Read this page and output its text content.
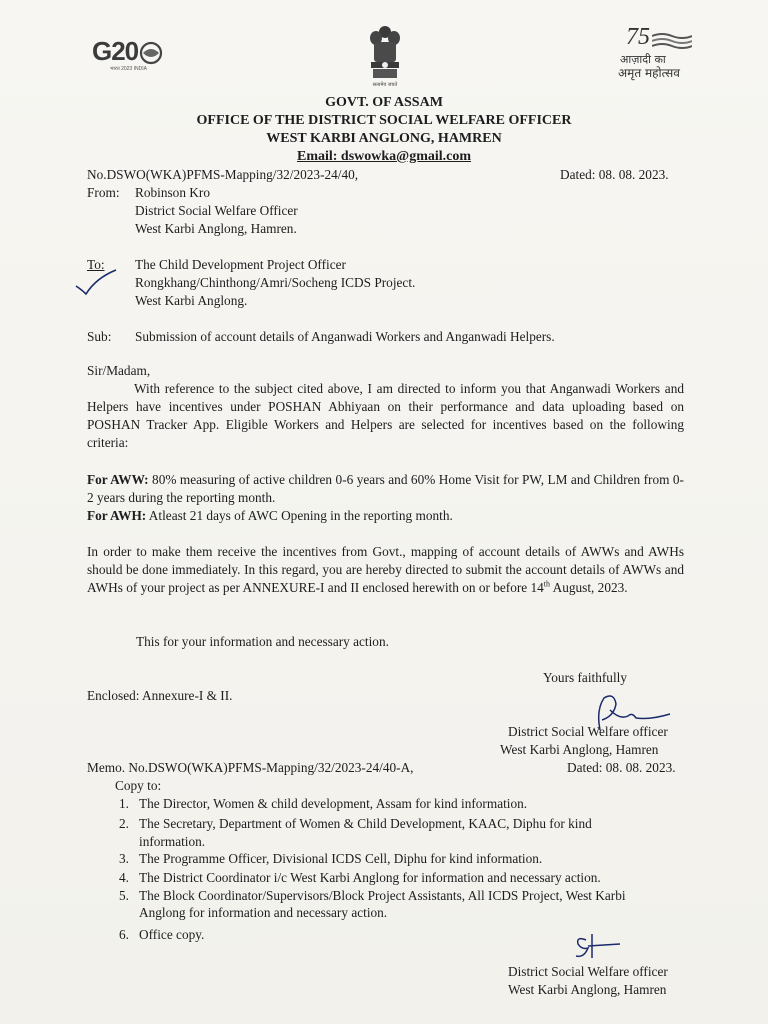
G20
भारत 2023 INDIA
सत्यमेव जयते
75
आज़ादी का
अमृत महोत्सव
GOVT. OF ASSAM
OFFICE OF THE DISTRICT SOCIAL WELFARE OFFICER
WEST KARBI ANGLONG, HAMREN
Email: dswowka@gmail.com
No.DSWO(WKA)PFMS-Mapping/32/2023-24/40,	Dated: 08. 08. 2023.
From: Robinson Kro
District Social Welfare Officer
West Karbi Anglong, Hamren.
To: The Child Development Project Officer
Rongkhang/Chinthong/Amri/Socheng ICDS Project.
West Karbi Anglong.
Sub: Submission of account details of Anganwadi Workers and Anganwadi Helpers.
Sir/Madam,
With reference to the subject cited above, I am directed to inform you that Anganwadi Workers and Helpers have incentives under POSHAN Abhiyaan on their performance and data uploading based on POSHAN Tracker App. Eligible Workers and Helpers are selected for incentives based on the following criteria:
For AWW: 80% measuring of active children 0-6 years and 60% Home Visit for PW, LM and Children from 0-2 years during the reporting month.
For AWH: Atleast 21 days of AWC Opening in the reporting month.
In order to make them receive the incentives from Govt., mapping of account details of AWWs and AWHs should be done immediately. In this regard, you are hereby directed to submit the account details of AWWs and AWHs of your project as per ANNEXURE-I and II enclosed herewith on or before 14th August, 2023.
This for your information and necessary action.
Yours faithfully
Enclosed: Annexure-I & II.
District Social Welfare officer
West Karbi Anglong, Hamren
Memo. No.DSWO(WKA)PFMS-Mapping/32/2023-24/40-A,	Dated: 08. 08. 2023.
Copy to:
1. The Director, Women & child development, Assam for kind information.
2. The Secretary, Department of Women & Child Development, KAAC, Diphu for kind
information.
3. The Programme Officer, Divisional ICDS Cell, Diphu for kind information.
4. The District Coordinator i/c West Karbi Anglong for information and necessary action.
5. The Block Coordinator/Supervisors/Block Project Assistants, All ICDS Project, West Karbi
Anglong for information and necessary action.
6. Office copy.
District Social Welfare officer
West Karbi Anglong, Hamren
